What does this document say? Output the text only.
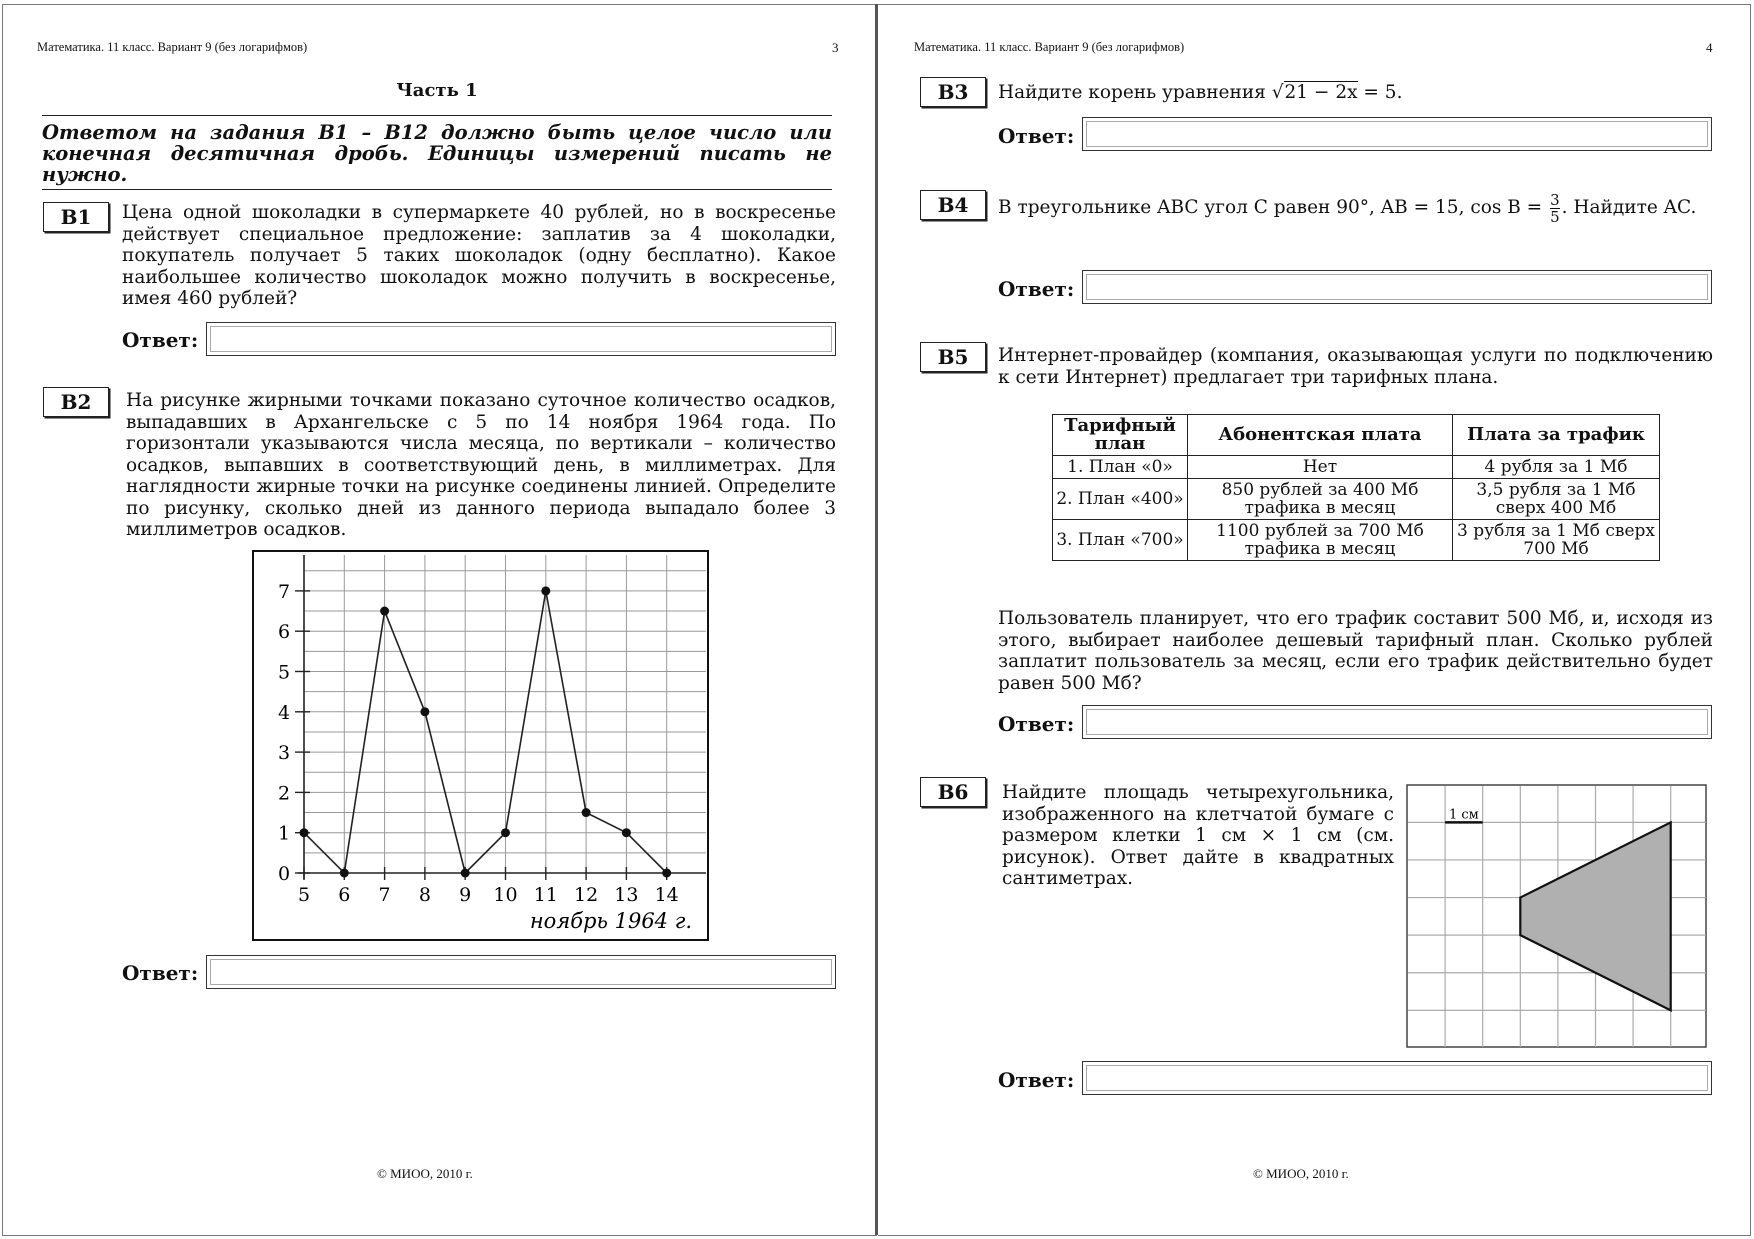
Математика. 11 класс. Вариант 9 (без логарифмов)	3
Часть 1
Ответом на задания B1 – B12 должно быть целое число или конечная десятичная дробь. Единицы измерений писать не нужно.
B1	Цена одной шоколадки в супермаркете 40 рублей, но в воскресенье действует специальное предложение: заплатив за 4 шоколадки, покупатель получает 5 таких шоколадок (одну бесплатно). Какое наибольшее количество шоколадок можно получить в воскресенье, имея 460 рублей?
Ответ:
B2	На рисунке жирными точками показано суточное количество осадков, выпадавших в Архангельске с 5 по 14 ноября 1964 года. По горизонтали указываются числа месяца, по вертикали – количество осадков, выпавших в соответствующий день, в миллиметрах. Для наглядности жирные точки на рисунке соединены линией. Определите по рисунку, сколько дней из данного периода выпадало более 3 миллиметров осадков.
0
1
2
3
4
5
6
7
5 6 7 8 9 10 11 12 13 14
ноябрь 1964 г.
Ответ:
© МИОО, 2010 г.
Математика. 11 класс. Вариант 9 (без логарифмов)	4
B3	Найдите корень уравнения √21 − 2x = 5.
Ответ:
B4	В треугольнике ABC угол C равен 90°, AB = 15, $\cos B = \frac{3}{5}$ . Найдите AC.
Ответ:
B5	Интернет-провайдер (компания, оказывающая услуги по подключению к сети Интернет) предлагает три тарифных плана.
Тарифный план	Абонентская плата	Плата за трафик
1. План «0»	Нет	4 рубля за 1 Мб
2. План «400»	850 рублей за 400 Мб трафика в месяц	3,5 рубля за 1 Мб сверх 400 Мб
3. План «700»	1100 рублей за 700 Мб трафика в месяц	3 рубля за 1 Мб сверх 700 Мб
Пользователь планирует, что его трафик составит 500 Мб, и, исходя из этого, выбирает наиболее дешевый тарифный план. Сколько рублей заплатит пользователь за месяц, если его трафик действительно будет равен 500 Мб?
Ответ:
B6	Найдите площадь четырехугольника, изображенного на клетчатой бумаге с размером клетки 1 см × 1 см (см. рисунок). Ответ дайте в квадратных сантиметрах.
1 см
Ответ:
© МИОО, 2010 г.
